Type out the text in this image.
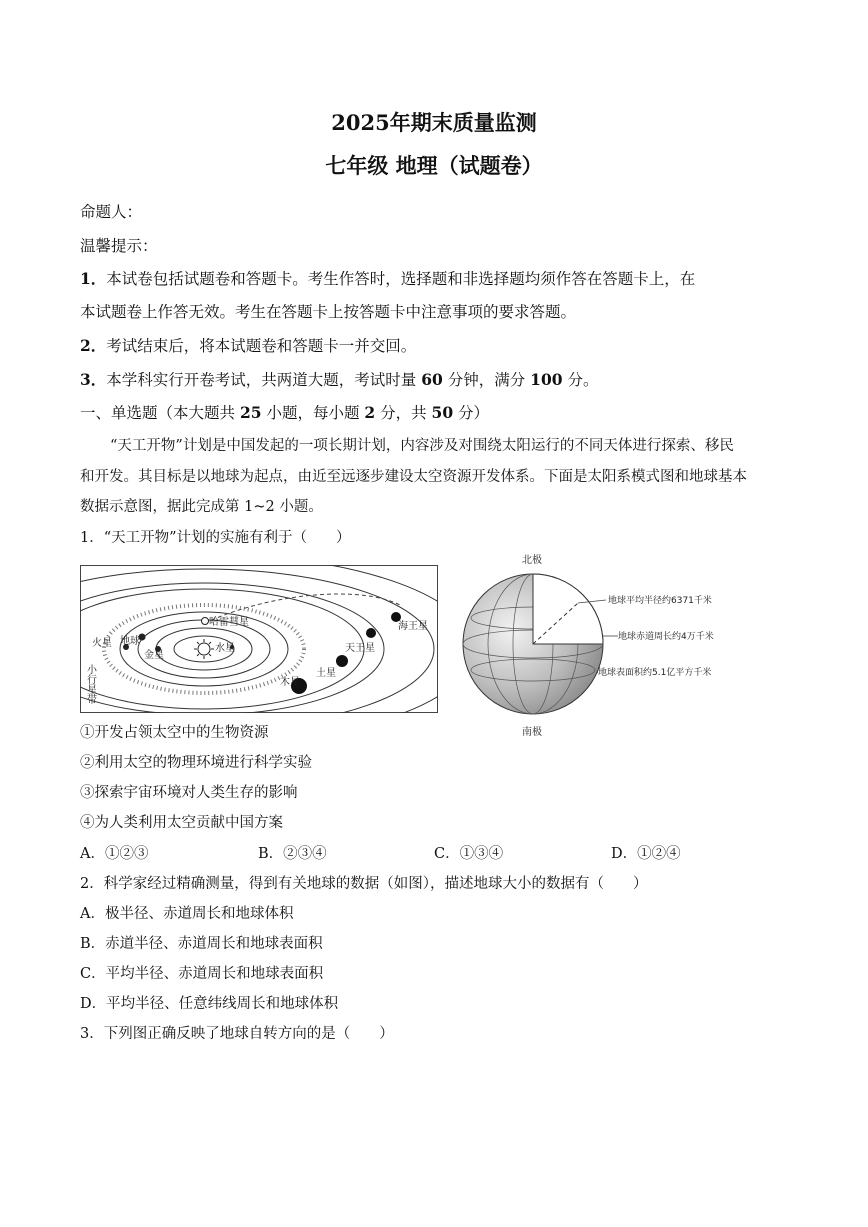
2025年期末质量监测
七年级 地理（试题卷）
命题人：
温馨提示：
1．本试卷包括试题卷和答题卡。考生作答时，选择题和非选择题均须作答在答题卡上，在
本试题卷上作答无效。考生在答题卡上按答题卡中注意事项的要求答题。
2．考试结束后，将本试题卷和答题卡一并交回。
3．本学科实行开卷考试，共两道大题，考试时量 60 分钟，满分 100 分。
一、单选题（本大题共 25 小题，每小题 2 分，共 50 分）
“天工开物”计划是中国发起的一项长期计划，内容涉及对围绕太阳运行的不同天体进行探索、移民
和开发。其目标是以地球为起点，由近至远逐步建设太空资源开发体系。下面是太阳系模式图和地球基本
数据示意图，据此完成第 1~2 小题。
1．“天工开物”计划的实施有利于（　　）
哈雷彗星
火星 地球
金星
水星
小行星带	木星
土星
天王星
海王星
北极
南极
地球平均半径约6371千米
地球赤道周长约4万千米
地球表面积约5.1亿平方千米
①开发占领太空中的生物资源
②利用太空的物理环境进行科学实验
③探索宇宙环境对人类生存的影响
④为人类利用太空贡献中国方案
A．①②③	B．②③④	C．①③④	D．①②④
2．科学家经过精确测量，得到有关地球的数据（如图），描述地球大小的数据有（　　）
A．极半径、赤道周长和地球体积
B．赤道半径、赤道周长和地球表面积
C．平均半径、赤道周长和地球表面积
D．平均半径、任意纬线周长和地球体积
3．下列图正确反映了地球自转方向的是（　　）
